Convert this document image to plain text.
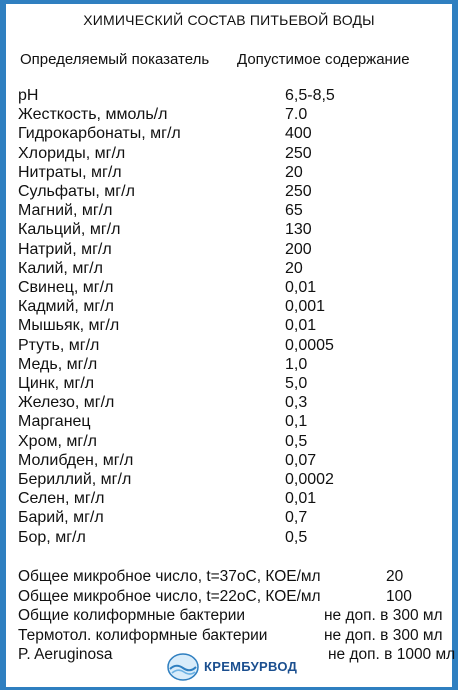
ХИМИЧЕСКИЙ СОСТАВ ПИТЬЕВОЙ ВОДЫ
Определяемый показатель Допустимое содержание
pH	6,5-8,5
Жесткость, ммоль/л	7.0
Гидрокарбонаты, мг/л	400
Хлориды, мг/л	250
Нитраты, мг/л	20
Сульфаты, мг/л	250
Магний, мг/л	65
Кальций, мг/л	130
Натрий, мг/л	200
Калий, мг/л	20
Свинец, мг/л	0,01
Кадмий, мг/л	0,001
Мышьяк, мг/л	0,01
Ртуть, мг/л	0,0005
Медь, мг/л	1,0
Цинк, мг/л	5,0
Железо, мг/л	0,3
Марганец	0,1
Хром, мг/л	0,5
Молибден, мг/л	0,07
Бериллий, мг/л	0,0002
Селен, мг/л	0,01
Барий, мг/л	0,7
Бор, мг/л	0,5
Общее микробное число, t=37oC, КОЕ/мл	20
Общее микробное число, t=22oC, КОЕ/мл	100
Общие колиформные бактерии	не доп. в 300 мл
Термотол. колиформные бактерии	не доп. в 300 мл
P. Aeruginosa	не доп. в 1000 мл
КРЕМБУРВОД
